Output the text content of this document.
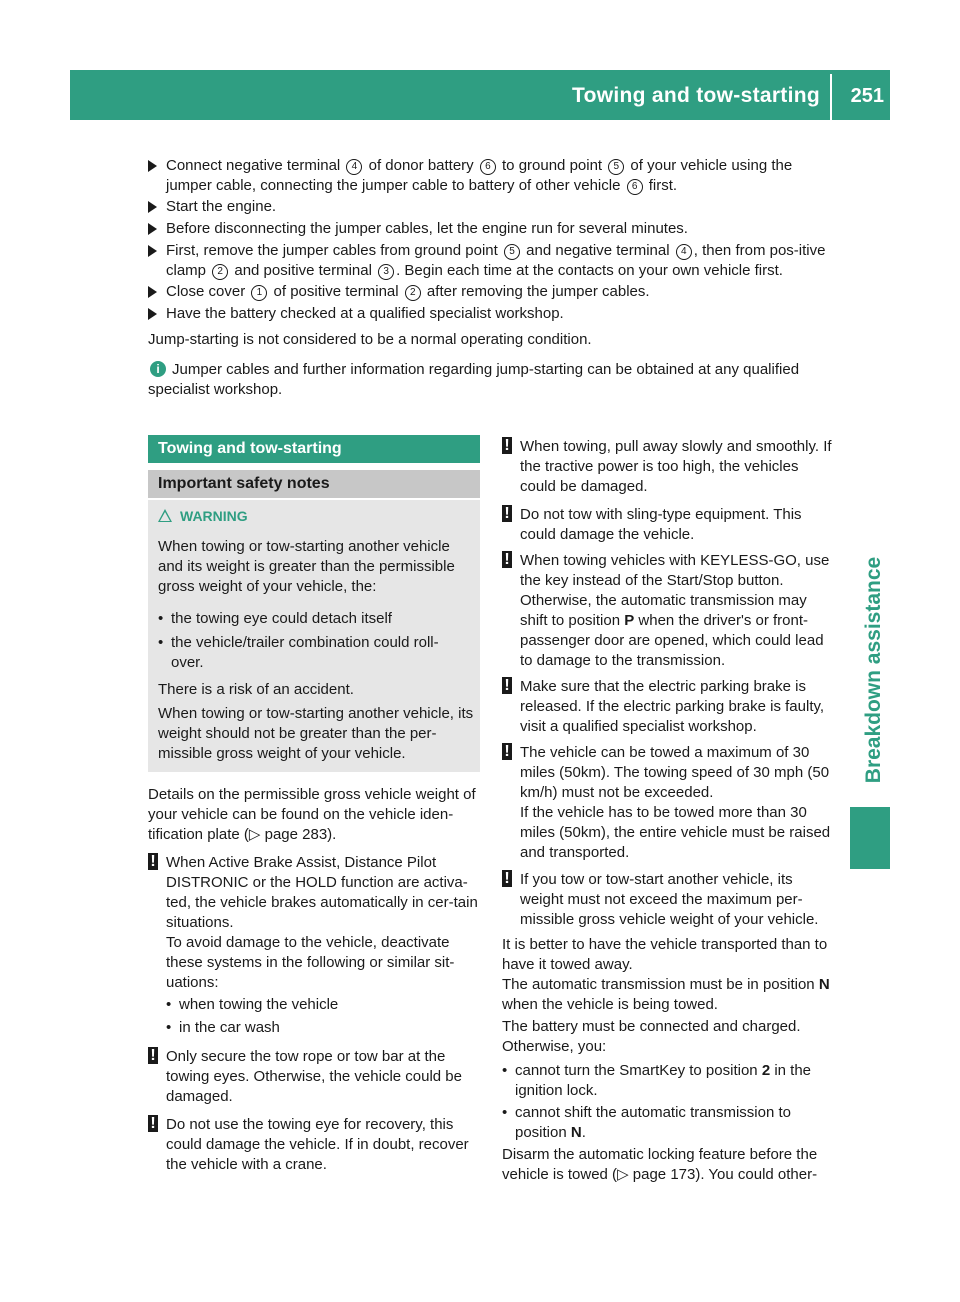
Towing and tow-starting 251
Breakdown assistance
Connect negative terminal 4 of donor battery 6 to ground point 5 of your vehicle using the jumper cable, connecting the jumper cable to battery of other vehicle 6 first.
Start the engine.
Before disconnecting the jumper cables, let the engine run for several minutes.
First, remove the jumper cables from ground point 5 and negative terminal 4 , then from pos-itive clamp 2 and positive terminal 3 . Begin each time at the contacts on your own vehicle first.
Close cover 1 of positive terminal 2 after removing the jumper cables.
Have the battery checked at a qualified specialist workshop.
Jump-starting is not considered to be a normal operating condition.
i Jumper cables and further information regarding jump-starting can be obtained at any qualified specialist workshop.
Towing and tow-starting
Important safety notes
WARNING
When towing or tow-starting another vehicle and its weight is greater than the permissible gross weight of your vehicle, the:
• the towing eye could detach itself
• the vehicle/trailer combination could roll-over.
There is a risk of an accident.
When towing or tow-starting another vehicle, its weight should not be greater than the per-missible gross weight of your vehicle.
Details on the permissible gross vehicle weight of your vehicle can be found on the vehicle iden-tification plate (▷ page 283).
! When Active Brake Assist, Distance Pilot DISTRONIC or the HOLD function are activa-ted, the vehicle brakes automatically in cer-tain situations.
To avoid damage to the vehicle, deactivate these systems in the following or similar sit-uations:
• when towing the vehicle
• in the car wash
! Only secure the tow rope or tow bar at the towing eyes. Otherwise, the vehicle could be damaged.
! Do not use the towing eye for recovery, this could damage the vehicle. If in doubt, recover the vehicle with a crane.
! When towing, pull away slowly and smoothly. If the tractive power is too high, the vehicles could be damaged.
! Do not tow with sling-type equipment. This could damage the vehicle.
! When towing vehicles with KEYLESS-GO, use the key instead of the Start/Stop button. Otherwise, the automatic transmission may shift to position P when the driver's or front-passenger door are opened, which could lead to damage to the transmission.
! Make sure that the electric parking brake is released. If the electric parking brake is faulty, visit a qualified specialist workshop.
! The vehicle can be towed a maximum of 30 miles (50km). The towing speed of 30 mph (50 km/h) must not be exceeded.
If the vehicle has to be towed more than 30 miles (50km), the entire vehicle must be raised and transported.
! If you tow or tow-start another vehicle, its weight must not exceed the maximum per-missible gross vehicle weight of your vehicle.
It is better to have the vehicle transported than to have it towed away.
The automatic transmission must be in position N when the vehicle is being towed.
The battery must be connected and charged. Otherwise, you:
• cannot turn the SmartKey to position 2 in the ignition lock.
• cannot shift the automatic transmission to position N.
Disarm the automatic locking feature before the vehicle is towed (▷ page 173). You could other-
